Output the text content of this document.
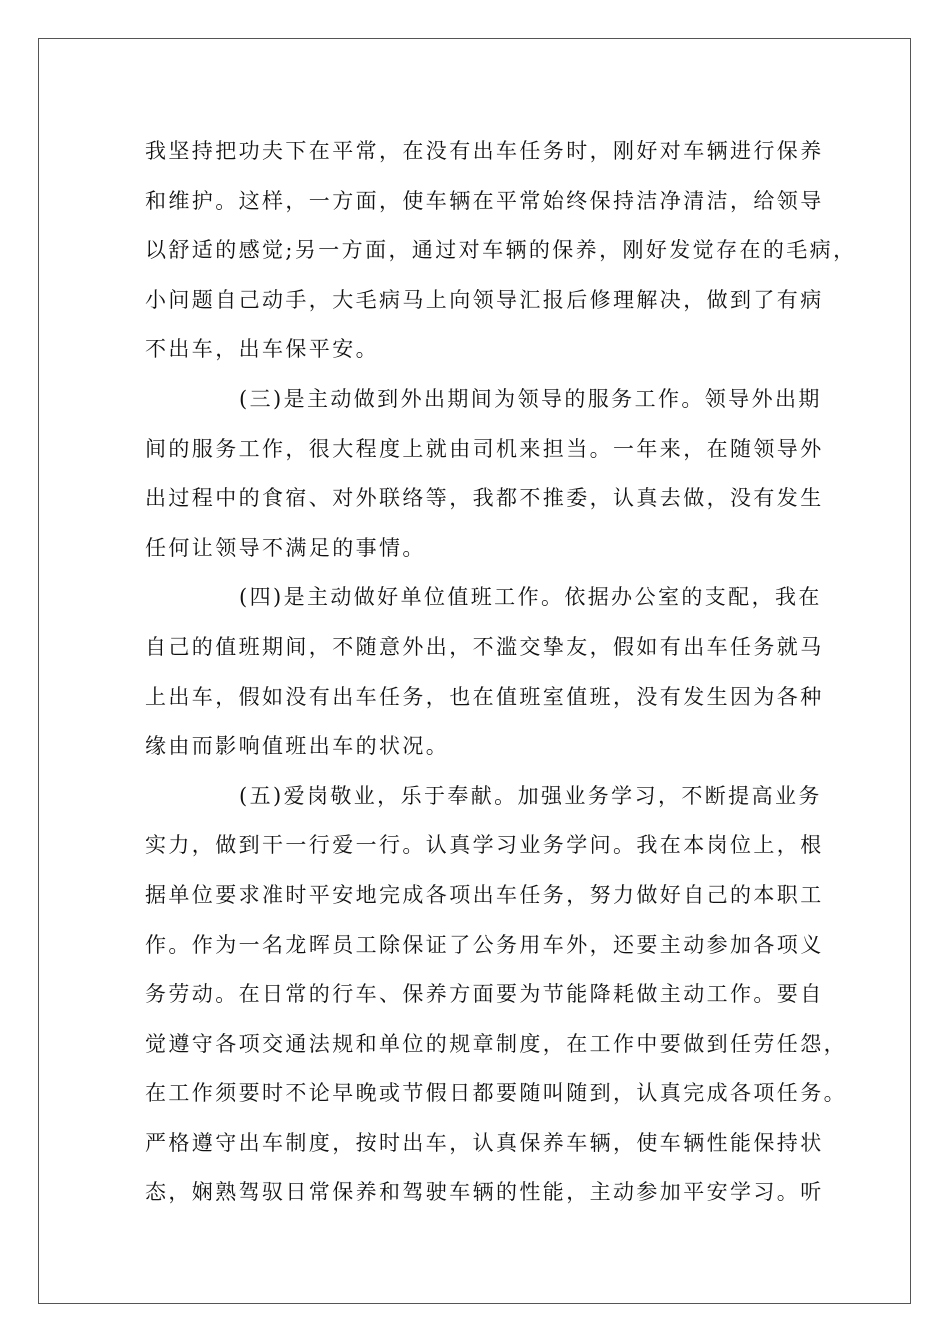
我坚持把功夫下在平常，在没有出车任务时，刚好对车辆进行保养
和维护。这样，一方面，使车辆在平常始终保持洁净清洁，给领导
以舒适的感觉;另一方面，通过对车辆的保养，刚好发觉存在的毛病，
小问题自己动手，大毛病马上向领导汇报后修理解决，做到了有病
不出车，出车保平安。
(三)是主动做到外出期间为领导的服务工作。领导外出期
间的服务工作，很大程度上就由司机来担当。一年来，在随领导外
出过程中的食宿、对外联络等，我都不推委，认真去做，没有发生
任何让领导不满足的事情。
(四)是主动做好单位值班工作。依据办公室的支配，我在
自己的值班期间，不随意外出，不滥交挚友，假如有出车任务就马
上出车，假如没有出车任务，也在值班室值班，没有发生因为各种
缘由而影响值班出车的状况。
(五)爱岗敬业，乐于奉献。加强业务学习，不断提高业务
实力，做到干一行爱一行。认真学习业务学问。我在本岗位上，根
据单位要求准时平安地完成各项出车任务，努力做好自己的本职工
作。作为一名龙晖员工除保证了公务用车外，还要主动参加各项义
务劳动。在日常的行车、保养方面要为节能降耗做主动工作。要自
觉遵守各项交通法规和单位的规章制度，在工作中要做到任劳任怨，
在工作须要时不论早晚或节假日都要随叫随到，认真完成各项任务。
严格遵守出车制度，按时出车，认真保养车辆，使车辆性能保持状
态，娴熟驾驭日常保养和驾驶车辆的性能，主动参加平安学习。听
